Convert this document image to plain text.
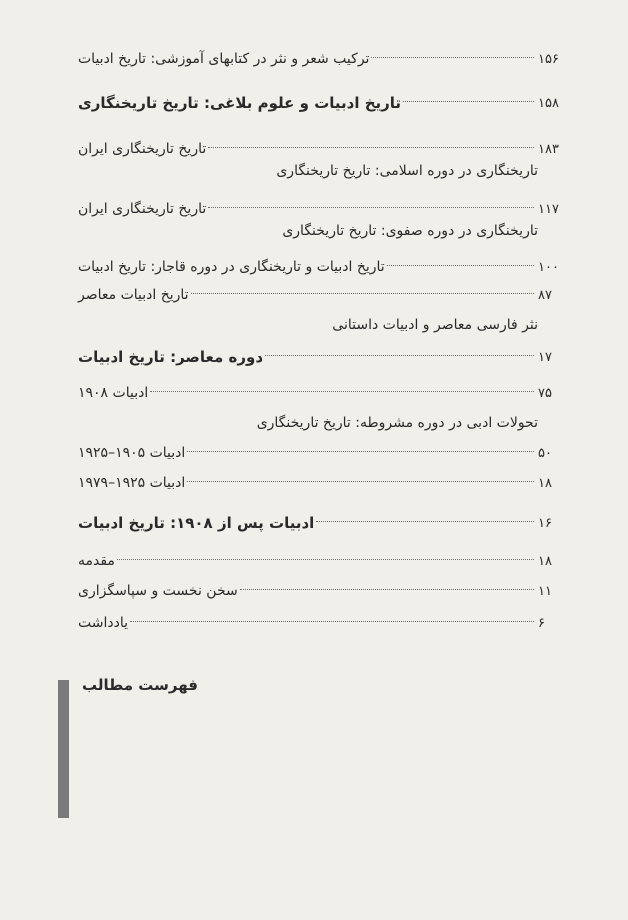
ترکیب شعر و نثر در کتابهای آموزشی: تاریخ ادبیات	۱۵۶
تاریخ ادبیات و علوم بلاغی: تاریخ تاریخنگاری	۱۵۸
تاریخ تاریخنگاری ایران	۱۸۳
تاریخنگاری در دوره اسلامی: تاریخ تاریخنگاری
تاریخ تاریخنگاری ایران	۱۱۷
تاریخنگاری در دوره صفوی: تاریخ تاریخنگاری
تاریخ ادبیات و تاریخنگاری در دوره قاجار: تاریخ ادبیات	۱۰۰
تاریخ ادبیات معاصر	۸۷
نثر فارسی معاصر و ادبیات داستانی
دوره معاصر: تاریخ ادبیات	۱۷
ادبیات ۱۹۰۸	۷۵
تحولات ادبی در دوره مشروطه: تاریخ تاریخنگاری
ادبیات ۱۹۰۵–۱۹۲۵	۵۰
ادبیات ۱۹۲۵–۱۹۷۹	۱۸
ادبیات پس از ۱۹۰۸: تاریخ ادبیات	۱۶
مقدمه	۱۸
سخن نخست و سپاسگزاری	۱۱
یادداشت	۶
فهرست مطالب
